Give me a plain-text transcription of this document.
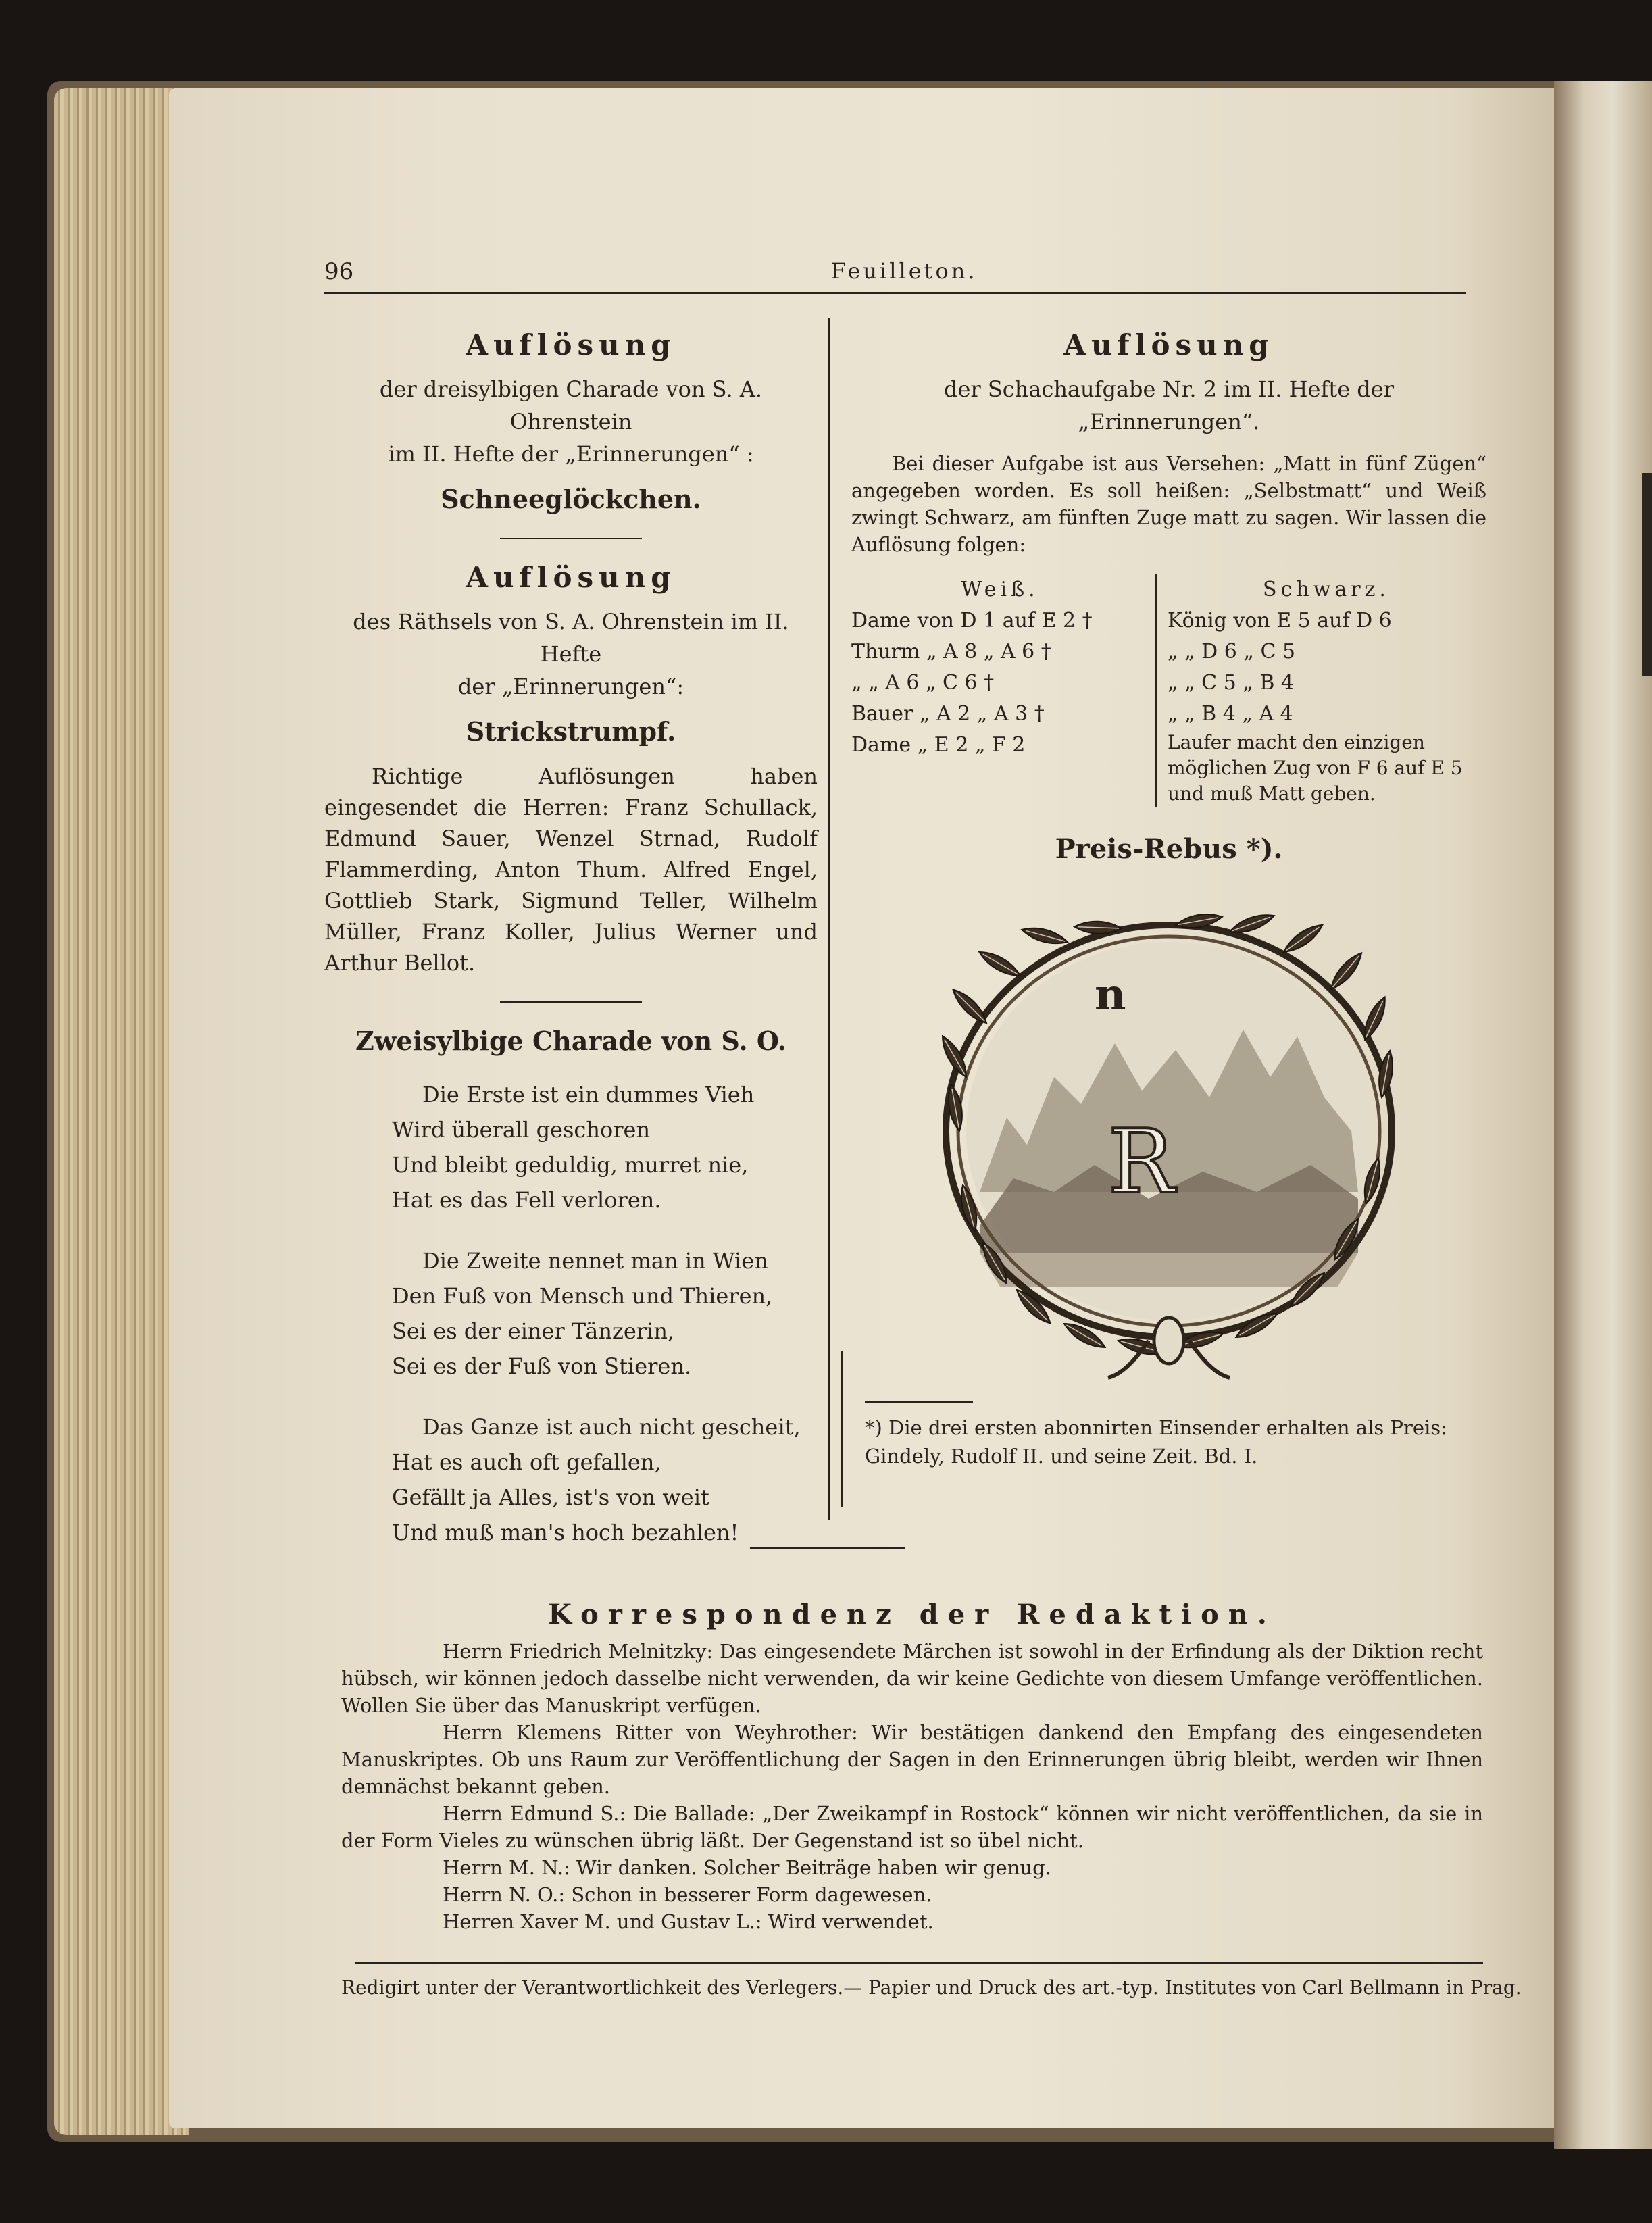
96	Feuilleton.
Auflösung
der dreisylbigen Charade von S. A. Ohrenstein
im II. Hefte der „Erinnerungen“ :
Schneeglöckchen.
Auflösung
des Räthsels von S. A. Ohrenstein im II. Hefte
der „Erinnerungen“:
Strickstrumpf.
Richtige Auflösungen haben eingesendet die Herren: Franz Schullack, Edmund Sauer, Wenzel Strnad, Rudolf Flammerding, Anton Thum. Alfred Engel, Gottlieb Stark, Sigmund Teller, Wilhelm Müller, Franz Koller, Julius Werner und Arthur Bellot.
Zweisylbige Charade von S. O.

Die Erste ist ein dummes Vieh

Wird überall geschoren

Und bleibt geduldig, murret nie,

Hat es das Fell verloren.

Die Zweite nennet man in Wien

Den Fuß von Mensch und Thieren,

Sei es der einer Tänzerin,

Sei es der Fuß von Stieren.

Das Ganze ist auch nicht gescheit,

Hat es auch oft gefallen,

Gefällt ja Alles, ist's von weit

Und muß man's hoch bezahlen!

Auflösung
der Schachaufgabe Nr. 2 im II. Hefte der „Erinnerungen“.
Bei dieser Aufgabe ist aus Versehen: „Matt in fünf Zügen“ angegeben worden. Es soll heißen: „Selbstmatt“ und Weiß zwingt Schwarz, am fünften Zuge matt zu sagen. Wir lassen die Auflösung folgen:
Weiß.
Dame von D 1 auf E 2 †
Thurm „ A 8 „ A 6 †
„ „ A 6 „ C 6 †
Bauer „ A 2 „ A 3 †
Dame „ E 2 „ F 2
Schwarz.
König von E 5 auf D 6
„ „ D 6 „ C 5
„ „ C 5 „ B 4
„ „ B 4 „ A 4
Laufer macht den einzigen möglichen Zug von F 6 auf E 5 und muß Matt geben.
Preis-Rebus *).
n
R
*) Die drei ersten abonnirten Einsender erhalten als Preis: Gindely, Rudolf II. und seine Zeit. Bd. I.
Korrespondenz der Redaktion.

Herrn Friedrich Melnitzky: Das eingesendete Märchen ist sowohl in der Erfindung als der Diktion recht hübsch, wir können jedoch dasselbe nicht verwenden, da wir keine Gedichte von diesem Umfange veröffentlichen. Wollen Sie über das Manuskript verfügen.

Herrn Klemens Ritter von Weyhrother: Wir bestätigen dankend den Empfang des eingesendeten Manuskriptes. Ob uns Raum zur Veröffentlichung der Sagen in den Erinnerungen übrig bleibt, werden wir Ihnen demnächst bekannt geben.

Herrn Edmund S.: Die Ballade: „Der Zweikampf in Rostock“ können wir nicht veröffentlichen, da sie in der Form Vieles zu wünschen übrig läßt. Der Gegenstand ist so übel nicht.

Herrn M. N.: Wir danken. Solcher Beiträge haben wir genug.

Herrn N. O.: Schon in besserer Form dagewesen.

Herren Xaver M. und Gustav L.: Wird verwendet.

Redigirt unter der Verantwortlichkeit des Verlegers.— Papier und Druck des art.-typ. Institutes von Carl Bellmann in Prag.
